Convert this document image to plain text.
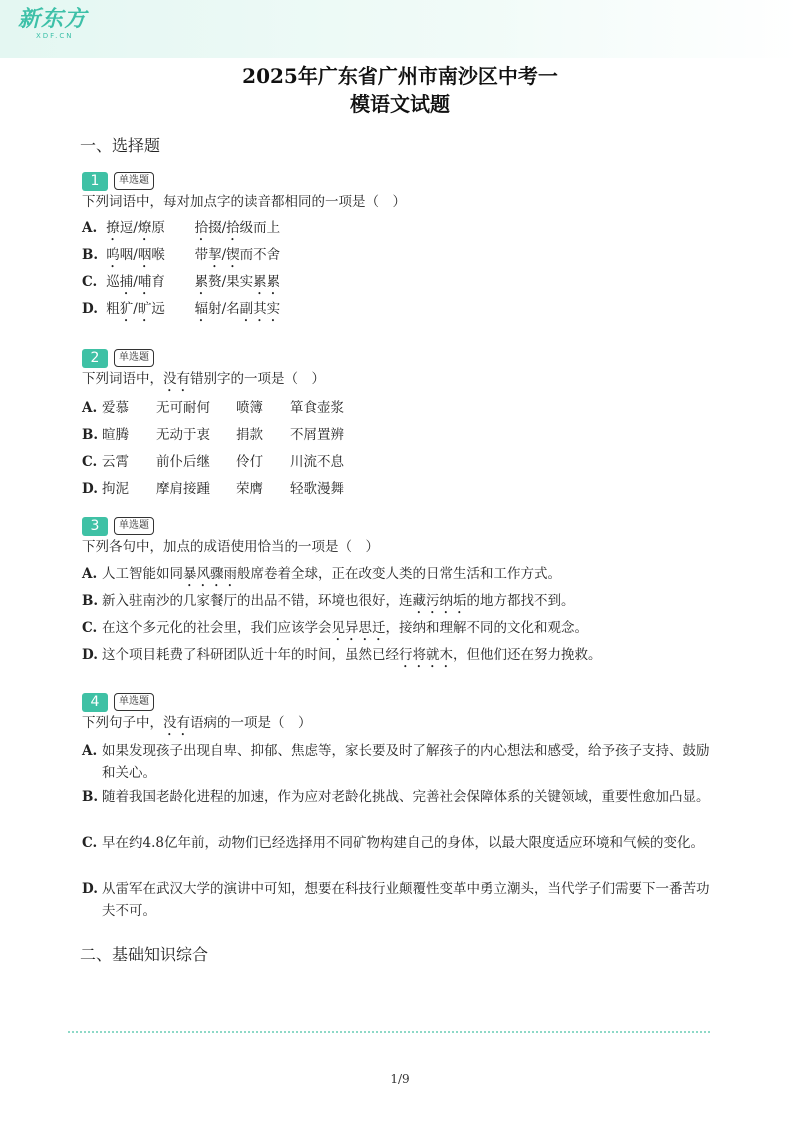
新东方
XDF.CN
2025年广东省广州市南沙区中考一
模语文试题
一、选择题
1	单选题
下列词语中，每对加点字的读音都相同的一项是（　）
A. 撩逗/燎原 拾掇/拾级而上
B. 呜咽/咽喉 带挈/锲而不舍
C. 巡捕/哺育 累赘/果实累累
D. 粗犷/旷远 辐射/名副其实
2	单选题
下列词语中，没有错别字的一项是（　）
A. 爱慕 无可耐何 喷簿 箪食壶浆
B. 暄腾 无动于衷 捐款 不屑置辨
C. 云霄 前仆后继 伶仃 川流不息
D. 拘泥 摩肩接踵 荣膺 轻歌漫舞
3	单选题
下列各句中，加点的成语使用恰当的一项是（　）
A. 人工智能如同暴风骤雨般席卷着全球，正在改变人类的日常生活和工作方式。
B. 新入驻南沙的几家餐厅的出品不错，环境也很好，连藏污纳垢的地方都找不到。
C. 在这个多元化的社会里，我们应该学会见异思迁，接纳和理解不同的文化和观念。
D. 这个项目耗费了科研团队近十年的时间，虽然已经行将就木，但他们还在努力挽救。
4	单选题
下列句子中，没有语病的一项是（　）
A. 如果发现孩子出现自卑、抑郁、焦虑等，家长要及时了解孩子的内心想法和感受，给予孩子支持、鼓励和关心。
B. 随着我国老龄化进程的加速，作为应对老龄化挑战、完善社会保障体系的关键领域，重要性愈加凸显。
C. 早在约4.8亿年前，动物们已经选择用不同矿物构建自己的身体，以最大限度适应环境和气候的变化。
D. 从雷军在武汉大学的演讲中可知，想要在科技行业颠覆性变革中勇立潮头，当代学子们需要下一番苦功夫不可。
二、基础知识综合
1/9
